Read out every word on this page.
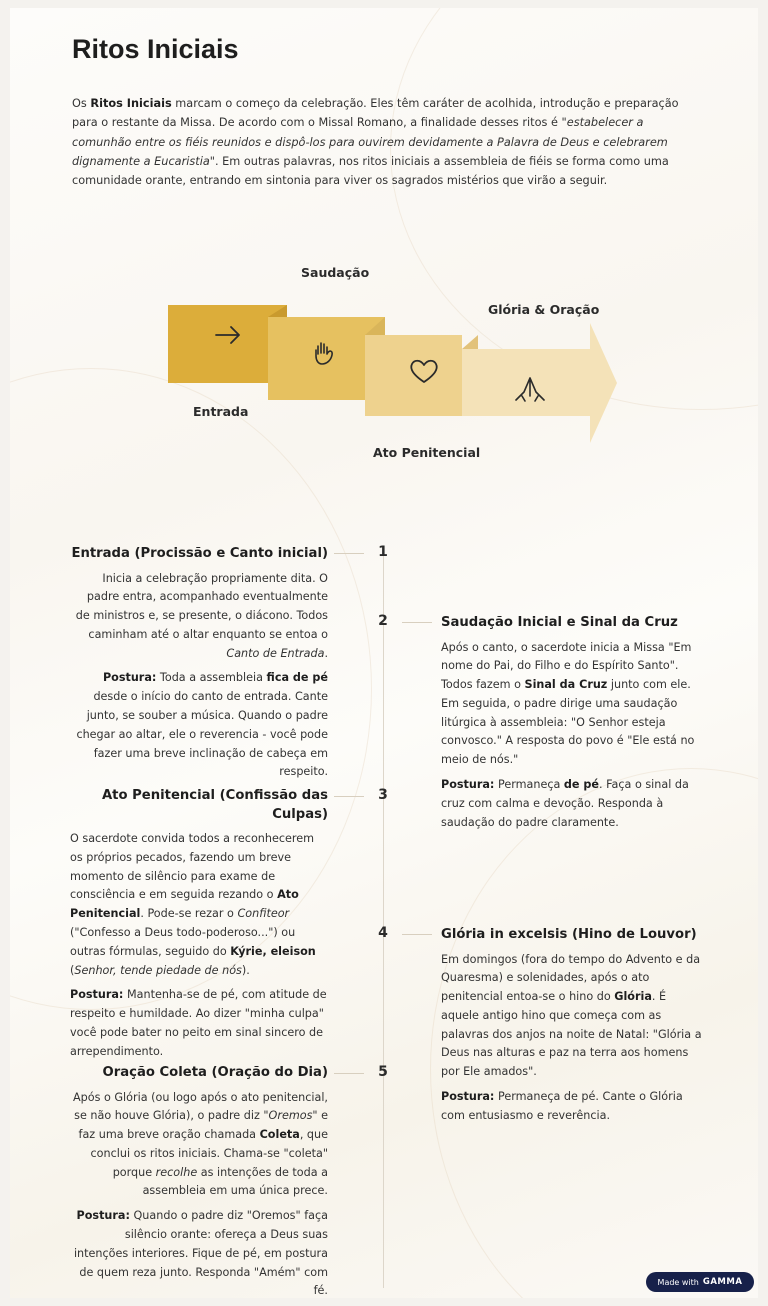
Ritos Iniciais

Os Ritos Iniciais marcam o começo da celebração. Eles têm caráter de acolhida, introdução e preparação para o restante da Missa. De acordo com o Missal Romano, a finalidade desses ritos é "estabelecer a comunhão entre os fiéis reunidos e dispô-los para ouvirem devidamente a Palavra de Deus e celebrarem dignamente a Eucaristia". Em outras palavras, nos ritos iniciais a assembleia de fiéis se forma como uma comunidade orante, entrando em sintonia para viver os sagrados mistérios que virão a seguir.

Entrada
Saudação
Ato Penitencial
Glória & Oração
1
2
3
4
5
Entrada (Procissão e Canto inicial)

Inicia a celebração propriamente dita. O padre entra, acompanhado eventualmente de ministros e, se presente, o diácono. Todos caminham até o altar enquanto se entoa o Canto de Entrada.

Postura: Toda a assembleia fica de pé desde o início do canto de entrada. Cante junto, se souber a música. Quando o padre chegar ao altar, ele o reverencia - você pode fazer uma breve inclinação de cabeça em respeito.

Saudação Inicial e Sinal da Cruz

Após o canto, o sacerdote inicia a Missa "Em nome do Pai, do Filho e do Espírito Santo". Todos fazem o Sinal da Cruz junto com ele. Em seguida, o padre dirige uma saudação litúrgica à assembleia: "O Senhor esteja convosco." A resposta do povo é "Ele está no meio de nós."

Postura: Permaneça de pé. Faça o sinal da cruz com calma e devoção. Responda à saudação do padre claramente.

Ato Penitencial (Confissão das Culpas)

O sacerdote convida todos a reconhecerem os próprios pecados, fazendo um breve momento de silêncio para exame de consciência e em seguida rezando o Ato Penitencial. Pode-se rezar o Confiteor ("Confesso a Deus todo-poderoso...") ou outras fórmulas, seguido do Kýrie, eleison (Senhor, tende piedade de nós).

Postura: Mantenha-se de pé, com atitude de respeito e humildade. Ao dizer "minha culpa" você pode bater no peito em sinal sincero de arrependimento.

Glória in excelsis (Hino de Louvor)

Em domingos (fora do tempo do Advento e da Quaresma) e solenidades, após o ato penitencial entoa-se o hino do Glória. É aquele antigo hino que começa com as palavras dos anjos na noite de Natal: "Glória a Deus nas alturas e paz na terra aos homens por Ele amados".

Postura: Permaneça de pé. Cante o Glória com entusiasmo e reverência.

Oração Coleta (Oração do Dia)

Após o Glória (ou logo após o ato penitencial, se não houve Glória), o padre diz "Oremos" e faz uma breve oração chamada Coleta, que conclui os ritos iniciais. Chama-se "coleta" porque recolhe as intenções de toda a assembleia em uma única prece.

Postura: Quando o padre diz "Oremos" faça silêncio orante: ofereça a Deus suas intenções interiores. Fique de pé, em postura de quem reza junto. Responda "Amém" com fé.

Made with GAMMA
